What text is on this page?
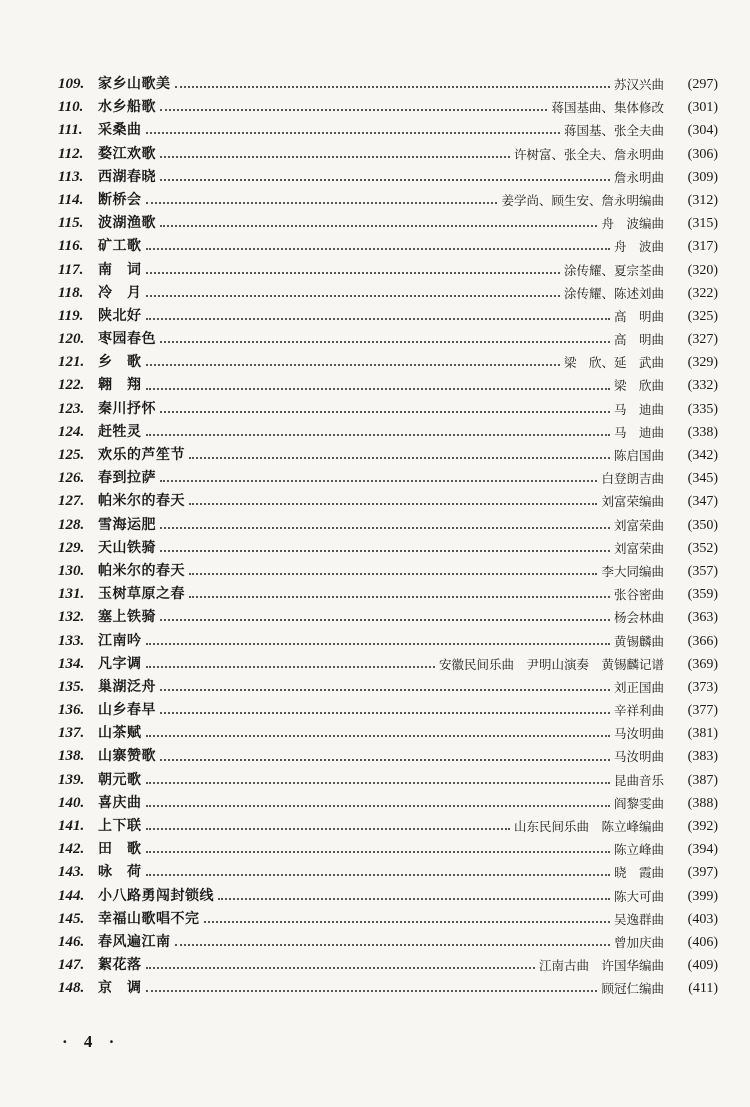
109. 家乡山歌美	苏汉兴曲	(297)
110.	水乡船歌	蒋国基曲、集体修改	(301)
111.	采桑曲	蒋国基、张全夫曲	(304)
112.	婺江欢歌	许树富、张全夫、詹永明曲	(306)
113.	西湖春晓	詹永明曲	(309)
114.	断桥会	姜学尚、顾生安、詹永明编曲	(312)
115.	波湖渔歌	舟　波编曲	(315)
116.	矿工歌	舟　波曲	(317)
117.	南　词	涂传耀、夏宗荃曲	(320)
118.	冷　月	涂传耀、陈述刘曲	(322)
119.	陕北好	高　明曲	(325)
120. 枣园春色	高　明曲	(327)
121. 乡　歌	梁　欣、延　武曲	(329)
122. 翱　翔	梁　欣曲	(332)
123. 秦川抒怀	马　迪曲	(335)
124. 赶牲灵	马　迪曲	(338)
125. 欢乐的芦笙节	陈启国曲	(342)
126. 春到拉萨	白登朗吉曲	(345)
127. 帕米尔的春天	刘富荣编曲	(347)
128. 雪海运肥	刘富荣曲	(350)
129. 天山铁骑	刘富荣曲	(352)
130. 帕米尔的春天	李大同编曲	(357)
131. 玉树草原之春	张谷密曲	(359)
132. 塞上铁骑	杨会林曲	(363)
133. 江南吟	黄锡麟曲	(366)
134. 凡字调	安徽民间乐曲　尹明山演奏　黄锡麟记谱	(369)
135. 巢湖泛舟	刘正国曲	(373)
136. 山乡春早	辛祥利曲	(377)
137. 山茶赋	马汝明曲	(381)
138. 山寨赞歌	马汝明曲	(383)
139. 朝元歌	昆曲音乐	(387)
140. 喜庆曲	阎黎雯曲	(388)
141. 上下联	山东民间乐曲　陈立峰编曲	(392)
142. 田　歌	陈立峰曲	(394)
143. 咏　荷	晓　霞曲	(397)
144. 小八路勇闯封锁线	陈大可曲	(399)
145. 幸福山歌唱不完	吴逸群曲	(403)
146. 春风遍江南	曾加庆曲	(406)
147. 絮花落	江南古曲　许国华编曲	(409)
148. 京　调	顾冠仁编曲	(411)
· 4 ·
